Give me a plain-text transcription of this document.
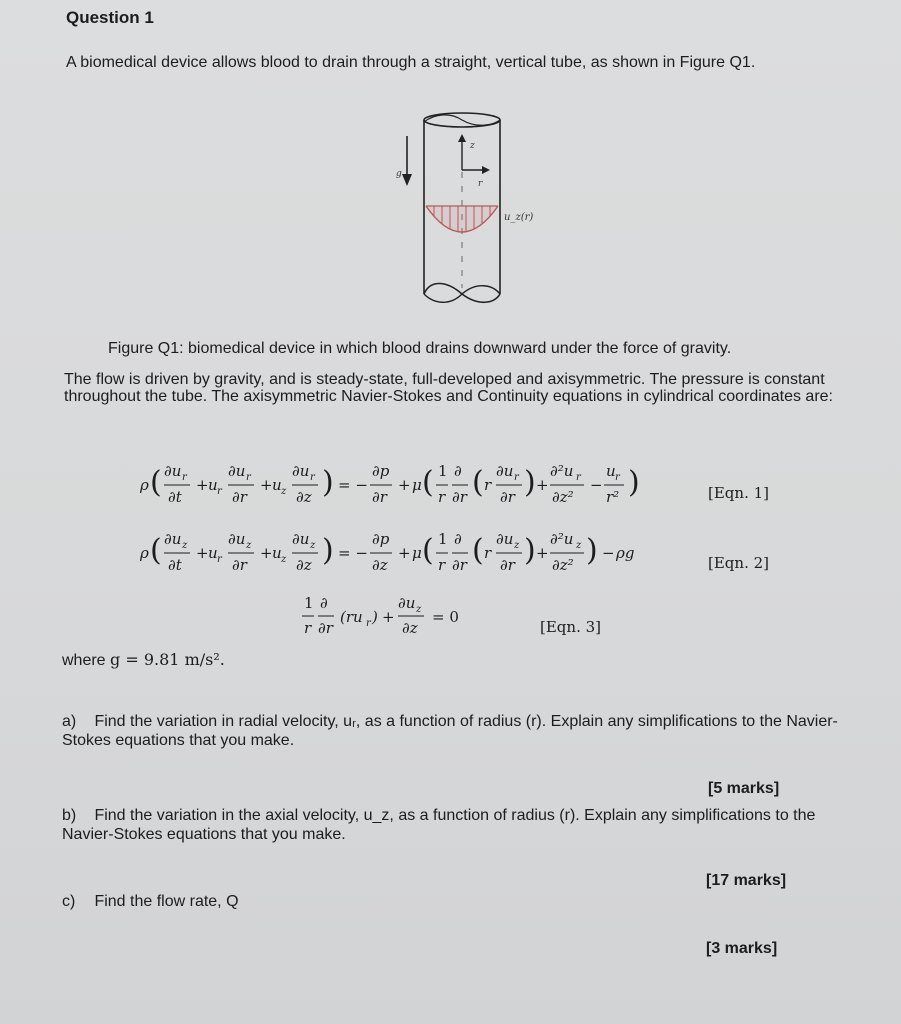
Question 1
A biomedical device allows blood to drain through a straight, vertical tube, as shown in Figure Q1.
g
z
r
u_z(r)
Figure Q1: biomedical device in which blood drains downward under the force of gravity.
The flow is driven by gravity, and is steady-state, full-developed and axisymmetric. The pressure is constant throughout the tube. The axisymmetric Navier-Stokes and Continuity equations in cylindrical coordinates are:
ρ ( ∂u r
∂t
+ u r
∂u r
∂r
+ u z
∂u r
∂z ) = −
∂p
∂r
+ μ ( 1
r
∂
∂r ( r
∂u r
∂r ) +
∂²u r
∂z²
−
u r
r² )	[Eqn. 1]
ρ ( ∂u z
∂t
+ u r
∂u z
∂r
+ u z
∂u z
∂z ) = −
∂p
∂z
+ μ ( 1
r
∂
∂r ( r
∂u z
∂r ) +
∂²u z
∂z² ) − ρg
[Eqn. 2]
1
r
∂
∂r
(ru r ) +
∂u z
∂z
= 0
[Eqn. 3]
where g = 9.81 m/s².
a) Find the variation in radial velocity, uᵣ, as a function of radius (r). Explain any simplifications to the Navier-Stokes equations that you make.
[5 marks]
b) Find the variation in the axial velocity, u_z, as a function of radius (r). Explain any simplifications to the Navier-Stokes equations that you make.
[17 marks]
c) Find the flow rate, Q
[3 marks]
